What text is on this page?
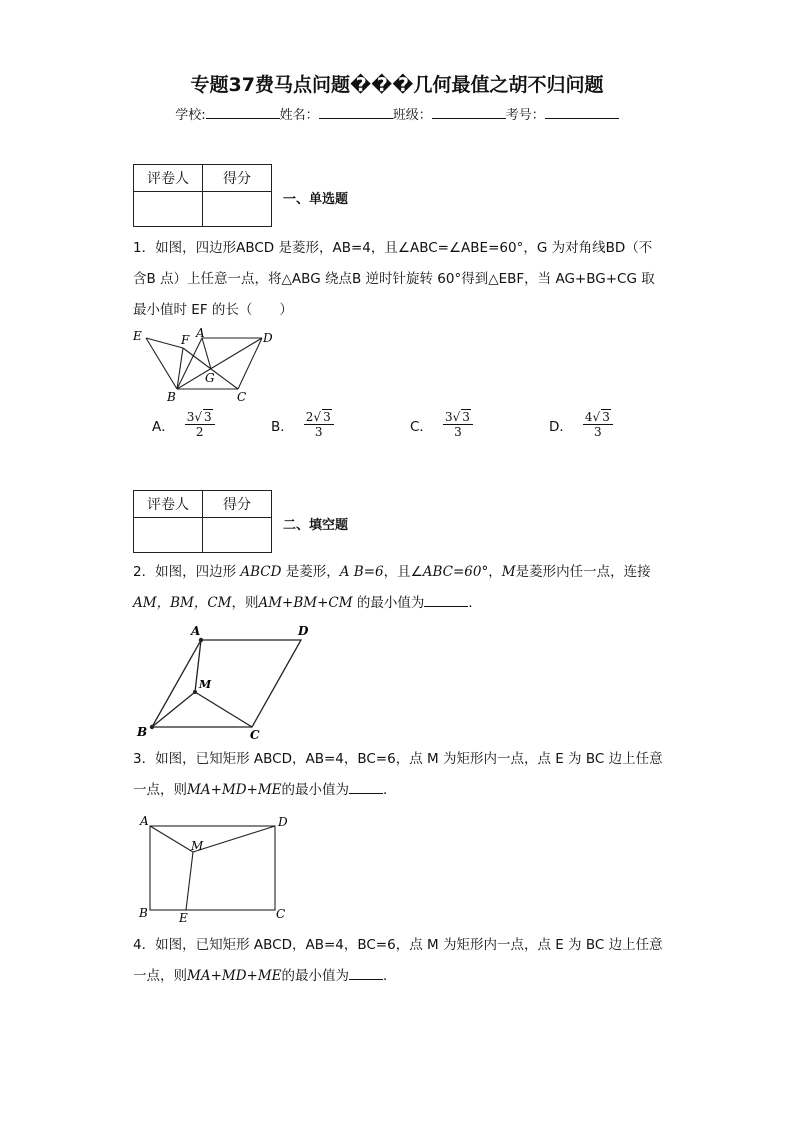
专题37费马点问题���几何最值之胡不归问题
学校:	姓名：	班级：	考号：
评卷人	得分

一、单选题
1．如图，四边形ABCD 是菱形，AB=4，且∠ABC=∠ABE=60°，G 为对角线BD（不含B 点）上任意一点，将△ABG 绕点B 逆时针旋转 60°得到△EBF，当 AG+BG+CG 取最小值时 EF 的长（　　）
E	F A	D
G
B	C
A． $\frac{3√ 3}{2}$	B． $\frac{2√ 3}{3}$	C． $\frac{3√ 3}{3}$	D． $\frac{4√ 3}{3}$
评卷人	得分

二、填空题
2．如图，四边形 ABCD 是菱形，A B=6，且∠ABC=60°，M是菱形内任一点，连接
AM，BM，CM，则AM+BM+CM 的最小值为	．
A	D
M
B	C
3．如图，已知矩形 ABCD，AB=4，BC=6，点 M 为矩形内一点，点 E 为 BC 边上任意
一点，则MA+MD+ME的最小值为	．
A	D
M
B	E	C
4．如图，已知矩形 ABCD，AB=4，BC=6，点 M 为矩形内一点，点 E 为 BC 边上任意
一点，则MA+MD+ME的最小值为	．
